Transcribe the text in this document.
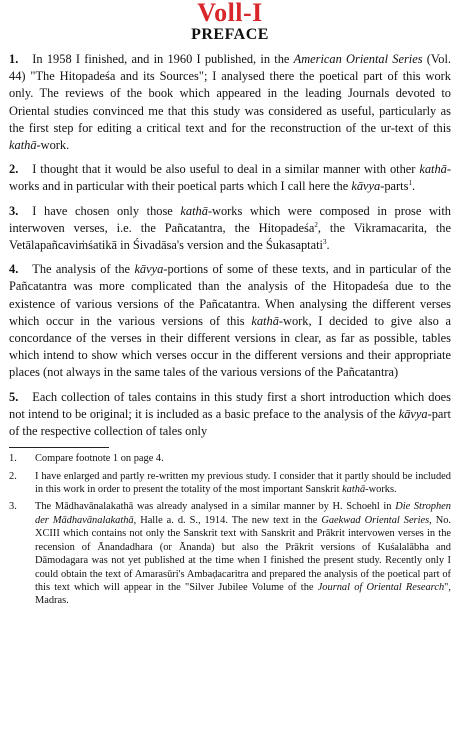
Voll-I
PREFACE

1. In 1958 I finished, and in 1960 I published, in the American Oriental Series (Vol. 44) "The Hitopadeśa and its Sources"; I analysed there the poetical part of this work only. The reviews of the book which appeared in the leading Journals devoted to Oriental studies convinced me that this study was considered as useful, particularly as the first step for editing a critical text and for the reconstruction of the ur-text of this kathā-work.

2. I thought that it would be also useful to deal in a similar manner with other kathā-works and in particular with their poetical parts which I call here the kāvya-parts$^1$.

3. I have chosen only those kathā-works which were composed in prose with interwoven verses, i.e. the Pañcatantra, the Hitopadeśa$^2$, the Vikramacarita, the Vetālapañcaviṁśatikā in Śivadāsa's version and the Śukasaptati$^3$.

4. The analysis of the kāvya-portions of some of these texts, and in particular of the Pañcatantra was more complicated than the analysis of the Hitopadeśa due to the existence of various versions of the Pañcatantra. When analysing the different verses which occur in the various versions of this kathā-work, I decided to give also a concordance of the verses in their different versions in clear, as far as possible, tables which intend to show which verses occur in the different versions and their appropriate places (not always in the same tales of the various versions of the Pañcatantra)

5. Each collection of tales contains in this study first a short introduction which does not intend to be original; it is included as a basic preface to the analysis of the kāvya-part of the respective collection of tales only

1.	Compare footnote 1 on page 4.
2.	I have enlarged and partly re-written my previous study. I consider that it partly should be included in this work in order to present the totality of the most important Sanskrit kathā-works.
3.	The Mādhavānalakathā was already analysed in a similar manner by H. Schoehl in Die Strophen der Mādhavānalakathā, Halle a. d. S., 1914. The new text in the Gaekwad Oriental Series, No. XCIII which contains not only the Sanskrit text with Sanskrit and Prākrit intervowen verses in the recension of Ānandadhara (or Ānanda) but also the Prākrit versions of Kuśalalābha and Dāmodagara was not yet published at the time when I finished the present study. Recently only I could obtain the text of Amarasūri's Ambaḍacaritra and prepared the analysis of the poetical part of this text which will appear in the "Silver Jubilee Volume of the Journal of Oriental Research", Madras.
